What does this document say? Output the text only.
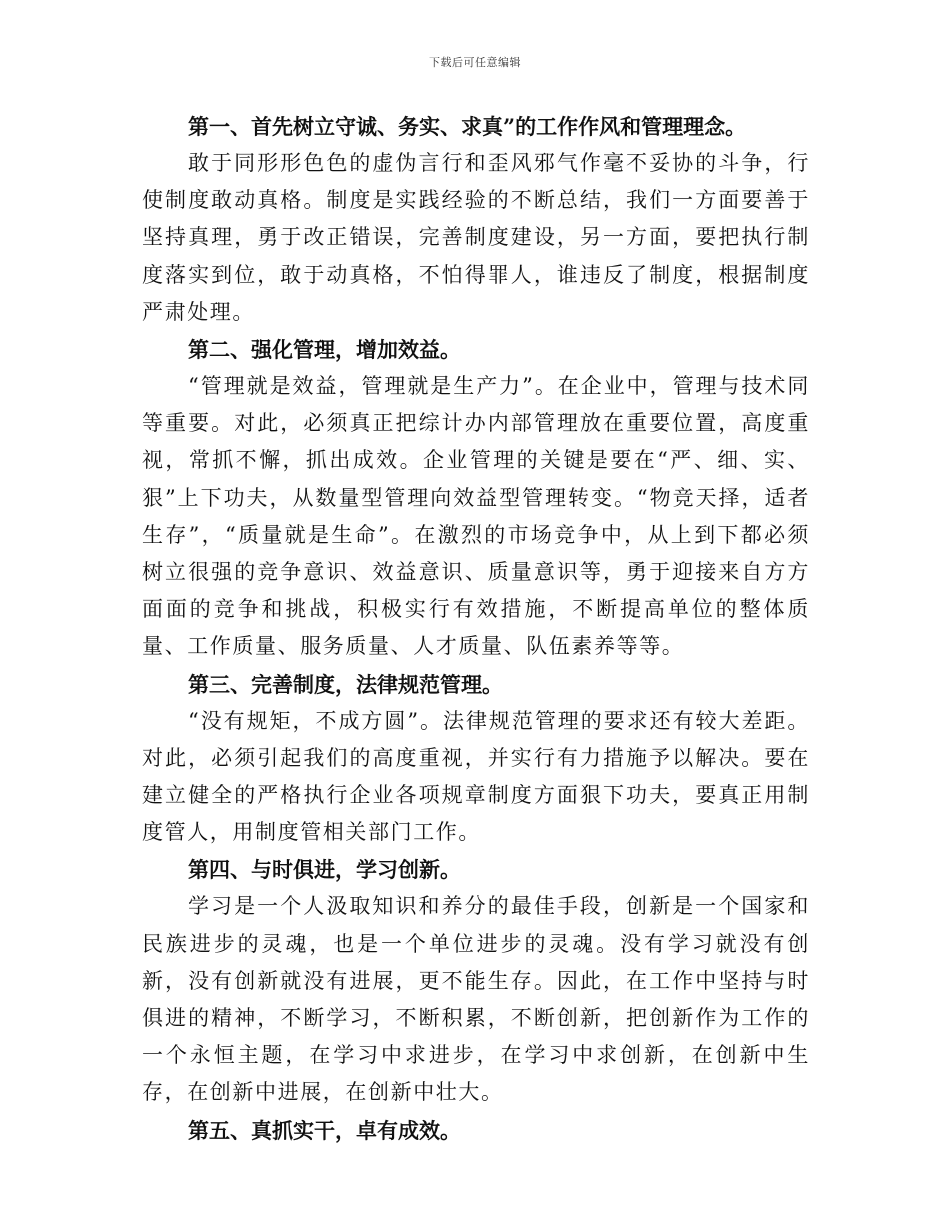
下载后可任意编辑
第一、首先树立守诚、务实、求真”的工作作风和管理理念。

敢于同形形色色的虚伪言行和歪风邪气作毫不妥协的斗争，行使制度敢动真格。制度是实践经验的不断总结，我们一方面要善于坚持真理，勇于改正错误，完善制度建设，另一方面，要把执行制度落实到位，敢于动真格，不怕得罪人，谁违反了制度，根据制度严肃处理。

第二、强化管理，增加效益。

“管理就是效益，管理就是生产力”。在企业中，管理与技术同等重要。对此，必须真正把综计办内部管理放在重要位置，高度重视，常抓不懈，抓出成效。企业管理的关键是要在“严、细、实、狠”上下功夫，从数量型管理向效益型管理转变。“物竞天择，适者生存”，“质量就是生命”。在激烈的市场竞争中，从上到下都必须树立很强的竞争意识、效益意识、质量意识等，勇于迎接来自方方面面的竞争和挑战，积极实行有效措施，不断提高单位的整体质量、工作质量、服务质量、人才质量、队伍素养等等。

第三、完善制度，法律规范管理。

“没有规矩，不成方圆”。法律规范管理的要求还有较大差距。对此，必须引起我们的高度重视，并实行有力措施予以解决。要在建立健全的严格执行企业各项规章制度方面狠下功夫，要真正用制度管人，用制度管相关部门工作。

第四、与时俱进，学习创新。

学习是一个人汲取知识和养分的最佳手段，创新是一个国家和民族进步的灵魂，也是一个单位进步的灵魂。没有学习就没有创新，没有创新就没有进展，更不能生存。因此，在工作中坚持与时俱进的精神，不断学习，不断积累，不断创新，把创新作为工作的一个永恒主题，在学习中求进步，在学习中求创新，在创新中生存，在创新中进展，在创新中壮大。

第五、真抓实干，卓有成效。
